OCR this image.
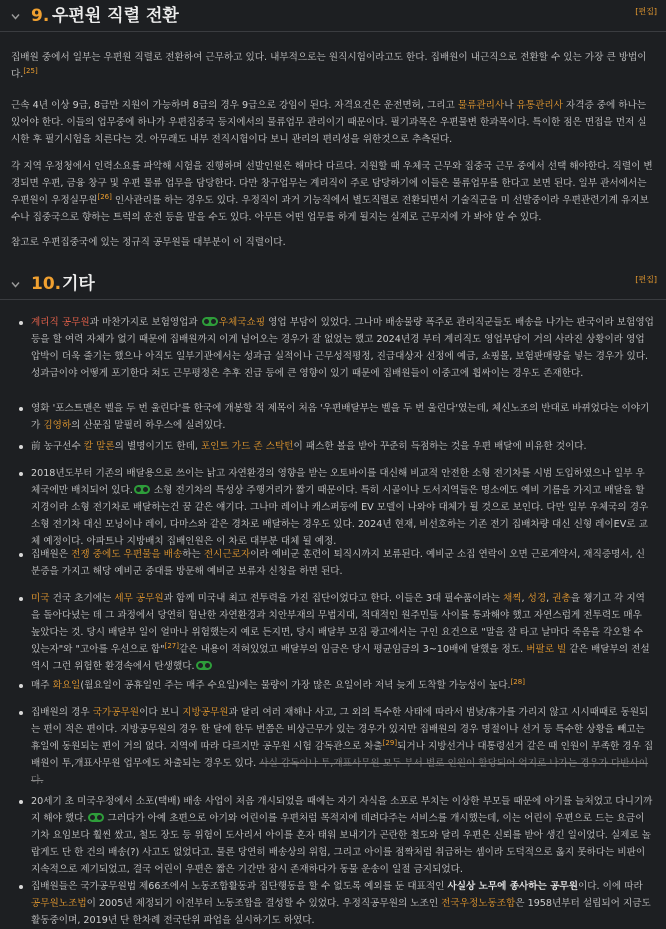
9. 우편원 직렬 전환	[편집]

집배원 중에서 일부는 우편원 직렬로 전환하여 근무하고 있다. 내부적으로는 원직시험이라고도 한다. 집배원이 내근직으로 전환할 수 있는 가장 큰 방법이다.[25]

근속 4년 이상 9급, 8급만 지원이 가능하며 8급의 경우 9급으로 강임이 된다. 자격요건은 운전면허, 그리고 물류관리사나 유통관리사 자격증 중에 하나는 있어야 한다. 이들의 업무중에 하나가 우편집중국 등지에서의 물류업무 관리이기 때문이다. 필기과목은 우편물변 한과목이다. 특이한 점은 면접을 먼저 실시한 후 필기시험을 치른다는 것. 아무래도 내부 전직시험이다 보니 관리의 편리성을 위한것으로 추측된다.

각 지역 우정청에서 인력소요를 파악해 시험을 진행하며 선발인원은 해마다 다르다. 지원할 때 우체국 근무와 집중국 근무 중에서 선택 해야한다. 직렬이 변경되면 우편, 금융 창구 및 우편 물류 업무을 담당한다. 다만 창구업무는 계리직이 주로 담당하기에 이들은 물류업무를 한다고 보면 된다. 일부 관서에서는 우편원이 우정실무원[26] 인사관리를 하는 경우도 있다. 우정직이 과거 기능직에서 별도직렬로 전환되면서 기술직군을 미 선발중이라 우편관련기계 유지보수나 집중국으로 향하는 트럭의 운전 등을 맡을 수도 있다. 아무튼 어떤 업무를 하게 될지는 실제로 근무지에 가 봐야 알 수 있다.

참고로 우편집중국에 있는 정규직 공무원들 대부분이 이 직렬이다.

10. 기타	[편집]
계리직 공무원과 마찬가지로 보험영업과 우체국쇼핑 영업 부담이 있었다. 그나마 배송물량 폭주로 관리직군들도 배송을 나가는 판국이라 보험영업 등을 할 여력 자체가 없기 때문에 집배원까지 이게 넘어오는 경우가 잘 없었는 했고 2024년경 부터 계리직도 영업부담이 거의 사라진 상황이라 영업 압박이 더욱 줄기는 했으나 아직도 일부기관에서는 성과급 실적이나 근무성적평정, 진급대상자 선정에 예금, 쇼핑몰, 보험판매량을 넣는 경우가 있다. 성과급이야 어떻게 포기한다 쳐도 근무평정은 추후 진급 등에 큰 영향이 있기 때문에 집배원들이 이중고에 휩싸이는 경우도 존재한다.
영화 '포스트맨은 벨을 두 번 울린다'를 한국에 개봉할 적 제목이 처음 '우편배달부는 벨을 두 번 울린다'였는데, 체신노조의 반대로 바뀌었다는 이야기가 김영하의 산문집 말필리 하우스에 실려있다.
前 농구선수 칼 말론의 별명이기도 한데, 포인트 가드 존 스탁턴이 패스한 볼을 받아 꾸준히 득점하는 것을 우편 배달에 비유한 것이다.
2018년도부터 기존의 배달용으로 쓰이는 낡고 자연환경의 영향을 받는 오토바이를 대신해 비교적 안전한 소형 전기차를 시범 도입하였으나 일부 우체국에만 배치되어 있다. 소형 전기차의 특성상 주행거리가 짧기 때문이다. 특히 시골이나 도서지역들은 명소에도 예비 기름을 가지고 배달을 할 지경이라 소형 전기차로 배달하는건 꿈 같은 얘기다. 그나마 레이나 캐스퍼등에 EV 모델이 나와야 대체가 될 것으로 보인다. 다만 일부 우체국의 경우 소형 전기차 대신 모닝이나 레이, 다마스와 같은 경차로 배달하는 경우도 있다. 2024년 현재, 비선호하는 기존 전기 집배차량 대신 신형 레이EV로 교체 예정이다. 아파트나 지방배치 집배인원은 이 차로 대부분 대체 될 예정.
집배원은 전쟁 중에도 우편물을 배송하는 전시근로자이라 예비군 훈련이 퇴직시까지 보류된다. 예비군 소집 연락이 오면 근로계약서, 재직증명서, 신분증을 가지고 해당 예비군 중대를 방문해 예비군 보류자 신청을 하면 된다.
미국 건국 초기에는 세무 공무원과 함께 미국내 최고 전투력을 가진 집단이었다고 한다. 이들은 3대 필수품이라는 채찍, 성경, 권총을 챙기고 각 지역을 돌아다녔는 데 그 과정에서 당연히 험난한 자연환경과 치안부재의 무법지대, 적대적인 원주민들 사이를 통과해야 했고 자연스럽게 전투력도 매우 높았다는 것. 당시 배달부 일이 얼마나 위험했는지 예로 든지면, 당시 배달부 모집 광고에서는 구인 요건으로 "말을 잘 타고 날마다 죽음을 각오할 수 있는자"와 "고아를 우선으로 함"[27]같은 내용이 적혀있었고 배달부의 임금은 당시 평균임금의 3~10배에 달했을 정도. 버팔로 빌 같은 배달부의 전설 역시 그런 위험한 환경속에서 탄생했다.
매주 화요일(월요일이 공휴일인 주는 매주 수요일)에는 물량이 가장 많은 요일이라 저녁 늦게 도착할 가능성이 높다.[28]
집배원의 경우 국가공무원이다 보니 지방공무원과 달리 여러 재해나 사고, 그 외의 특수한 사태에 따라서 범낮/휴가를 가리지 않고 시시때때로 동원되는 편이 적은 편이다. 지방공무원의 경우 한 달에 한두 번쯤은 비상근무가 있는 경우가 있지만 집배원의 경우 명절이나 선거 등 특수한 상황을 빼고는 휴일에 동원되는 편이 거의 없다. 지역에 따라 다르지만 공무원 시험 감독관으로 차출[29]되거나 지방선거나 대통령선거 같은 때 인원이 부족한 경우 집배원이 투,개표사무원 업무에도 차출되는 경우도 있다. 사실 감독이나 투,개표사무원 모두 부서 별로 인원이 할당되어 억지로 나가는 경우가 다반사이다.
20세기 초 미국우정에서 소포(택배) 배송 사업이 처음 개시되었을 때에는 자기 자식을 소포로 부치는 이상한 부모들 때문에 아기를 늘처었고 다니기까지 해야 했다. 그러다가 아예 초편으로 아기와 어린이를 우편처럼 목적지에 데려다주는 서비스를 개시했는데, 이는 어린이 우편으로 드는 요금이 기차 요임보다 훨씬 쌌고, 철도 장도 등 위험이 도사리서 아이를 혼자 태워 보내기가 곤란한 철도와 달리 우편은 신뢰를 받아 생긴 일이었다. 실제로 놀랍게도 단 한 건의 배송(?) 사고도 없었다고. 물론 당연히 배송상의 위험, 그리고 아이를 점짝처럼 취급하는 셈이라 도덕적으로 옳지 못하다는 비판이 지속적으로 제기되었고, 결국 어린이 우편은 짧은 기간만 잠시 존재하다가 동물 운송이 일절 금지되었다.
집배원들은 국가공무원법 제66조에서 노동조합활동과 집단행동을 할 수 없도록 예외를 둔 대표적인 사실상 노무에 종사하는 공무원이다. 이에 따라 공무원노조법이 2005년 제정되기 이전부터 노동조합을 결성할 수 있었다. 우정직공무원의 노조인 전국우정노동조합은 1958년부터 설립되어 지금도 활동중이며, 2019년 단 한차례 전국단위 파업을 실시하기도 하였다.
